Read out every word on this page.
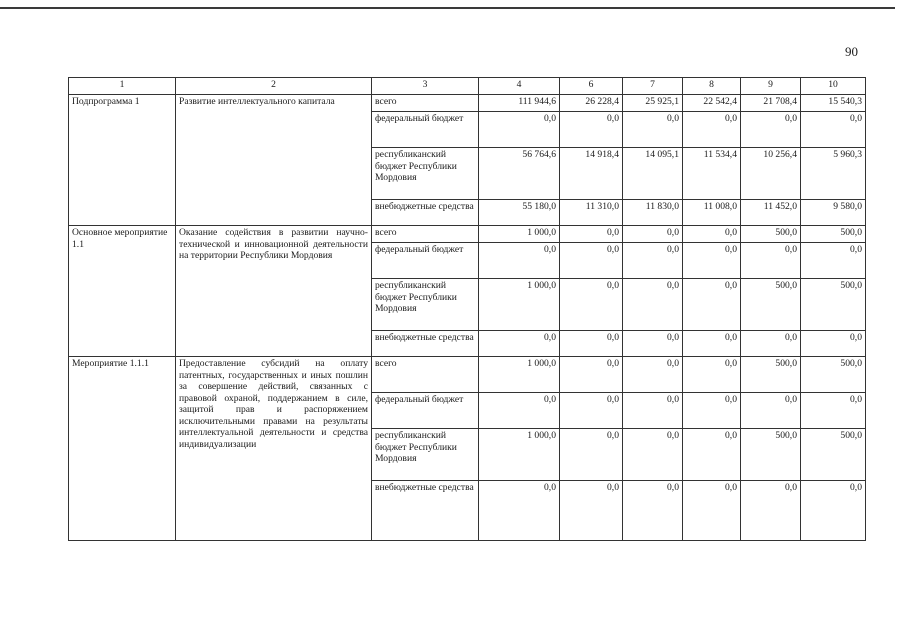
90
1	2	3	4	6	7	8	9	10
Подпрограмма 1	Развитие интеллектуального капитала	всего	111 944,6	26 228,4	25 925,1	22 542,4	21 708,4	15 540,3
		федеральный бюджет	0,0	0,0	0,0	0,0	0,0	0,0
		республиканский бюджет Республики Мордовия	56 764,6	14 918,4	14 095,1	11 534,4	10 256,4	5 960,3
		внебюджетные средства	55 180,0	11 310,0	11 830,0	11 008,0	11 452,0	9 580,0
Основное мероприятие 1.1	Оказание содействия в развитии научно-технической и инновационной деятельности на территории Республики Мордовия	всего	1 000,0	0,0	0,0	0,0	500,0	500,0
		федеральный бюджет	0,0	0,0	0,0	0,0	0,0	0,0
		республиканский бюджет Республики Мордовия	1 000,0	0,0	0,0	0,0	500,0	500,0
		внебюджетные средства	0,0	0,0	0,0	0,0	0,0	0,0
Мероприятие 1.1.1	Предоставление субсидий на оплату патентных, государственных и иных пошлин за совершение действий, связанных с правовой охраной, поддержанием в силе, защитой прав и распоряжением исключительными правами на результаты интеллектуальной деятельности и средства индивидуализации	всего	1 000,0	0,0	0,0	0,0	500,0	500,0
		федеральный бюджет	0,0	0,0	0,0	0,0	0,0	0,0
		республиканский бюджет Республики Мордовия	1 000,0	0,0	0,0	0,0	500,0	500,0
		внебюджетные средства	0,0	0,0	0,0	0,0	0,0	0,0
